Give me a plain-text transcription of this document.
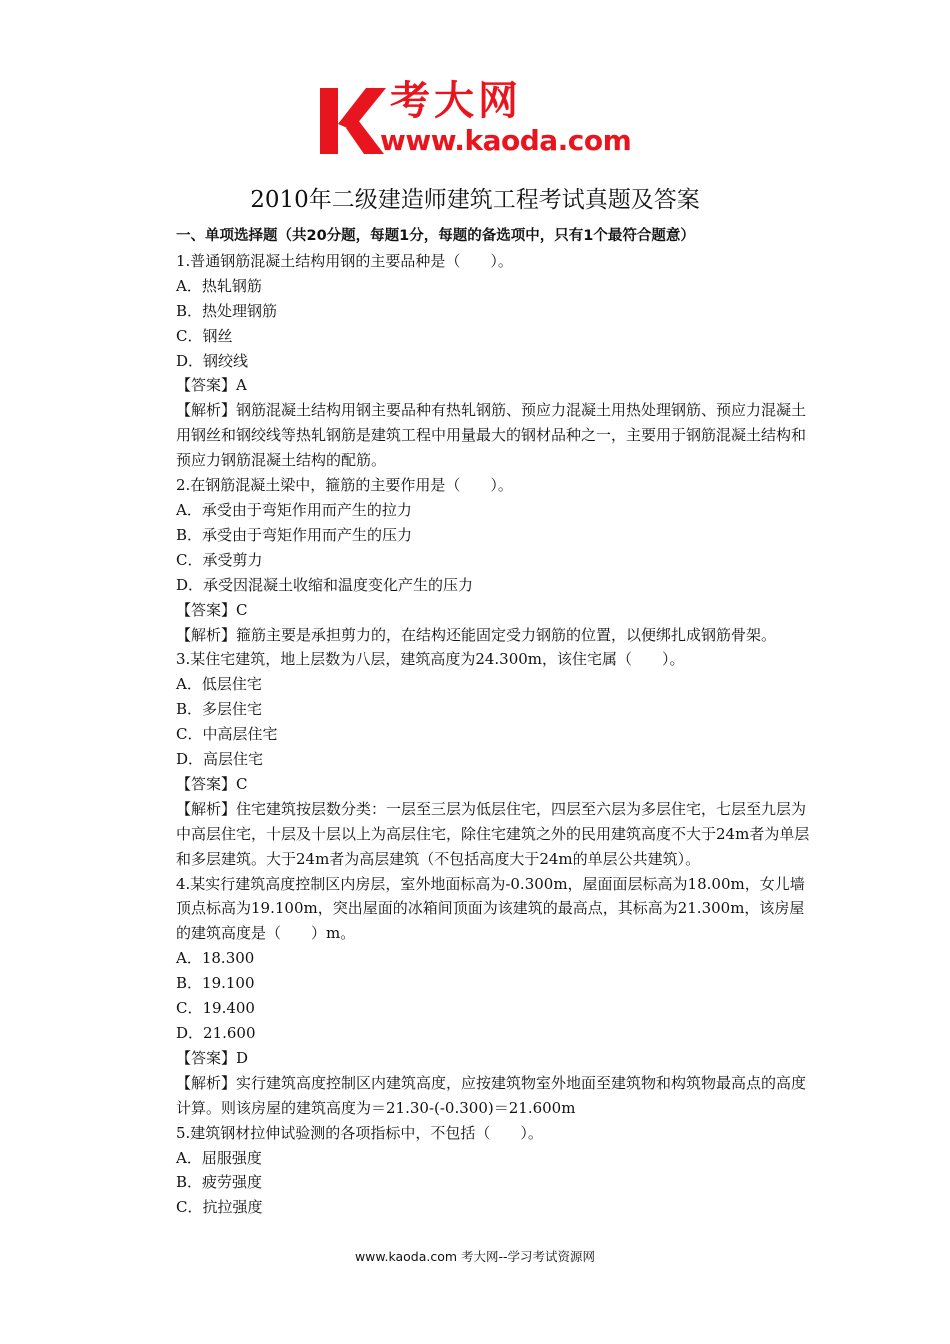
考大网
www.kaoda.com
2010年二级建造师建筑工程考试真题及答案

一、单项选择题（共20分题，每题1分，每题的备选项中，只有1个最符合题意）

1.普通钢筋混凝土结构用钢的主要品种是（　　）。

A．热轧钢筋

B．热处理钢筋

C．钢丝

D．钢绞线

【答案】A

【解析】钢筋混凝土结构用钢主要品种有热轧钢筋、预应力混凝土用热处理钢筋、预应力混凝土用钢丝和钢绞线等热轧钢筋是建筑工程中用量最大的钢材品种之一，主要用于钢筋混凝土结构和预应力钢筋混凝土结构的配筋。

2.在钢筋混凝土梁中，箍筋的主要作用是（　　）。

A．承受由于弯矩作用而产生的拉力

B．承受由于弯矩作用而产生的压力

C．承受剪力

D．承受因混凝土收缩和温度变化产生的压力

【答案】C

【解析】箍筋主要是承担剪力的，在结构还能固定受力钢筋的位置，以便绑扎成钢筋骨架。

3.某住宅建筑，地上层数为八层，建筑高度为24.300m，该住宅属（　　）。

A．低层住宅

B．多层住宅

C．中高层住宅

D．高层住宅

【答案】C

【解析】住宅建筑按层数分类：一层至三层为低层住宅，四层至六层为多层住宅，七层至九层为中高层住宅，十层及十层以上为高层住宅，除住宅建筑之外的民用建筑高度不大于24m者为单层和多层建筑。大于24m者为高层建筑（不包括高度大于24m的单层公共建筑）。

4.某实行建筑高度控制区内房层，室外地面标高为-0.300m，屋面面层标高为18.00m，女儿墙顶点标高为19.100m，突出屋面的冰箱间顶面为该建筑的最高点，其标高为21.300m，该房屋的建筑高度是（　　）m。

A．18.300

B．19.100

C．19.400

D．21.600

【答案】D

【解析】实行建筑高度控制区内建筑高度，应按建筑物室外地面至建筑物和构筑物最高点的高度计算。则该房屋的建筑高度为＝21.30-(-0.300)＝21.600m

5.建筑钢材拉伸试验测的各项指标中，不包括（　　）。

A．屈服强度

B．疲劳强度

C．抗拉强度

www.kaoda.com 考大网--学习考试资源网
